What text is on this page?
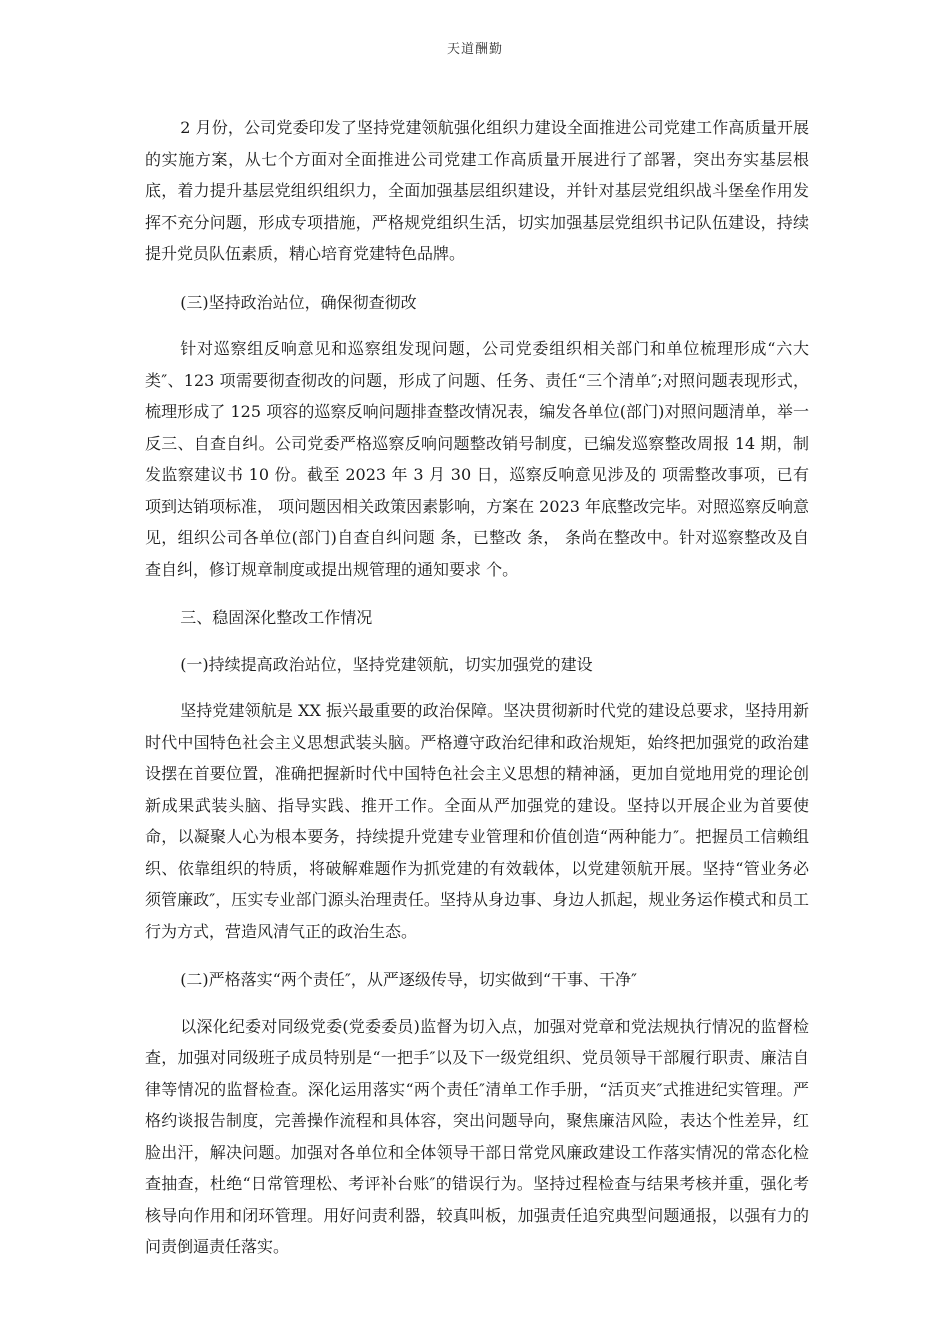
天道酬勤

2 月份，公司党委印发了坚持党建领航强化组织力建设全面推进公司党建工作高质量开展的实施方案，从七个方面对全面推进公司党建工作高质量开展进行了部署，突出夯实基层根底，着力提升基层党组织组织力，全面加强基层组织建设，并针对基层党组织战斗堡垒作用发挥不充分问题，形成专项措施，严格规党组织生活，切实加强基层党组织书记队伍建设，持续提升党员队伍素质，精心培育党建特色品牌。

(三)坚持政治站位，确保彻查彻改

针对巡察组反响意见和巡察组发现问题，公司党委组织相关部门和单位梳理形成“六大类″、123 项需要彻查彻改的问题，形成了问题、任务、责任“三个清单″;对照问题表现形式，梳理形成了 125 项容的巡察反响问题排查整改情况表，编发各单位(部门)对照问题清单，举一反三、自查自纠。公司党委严格巡察反响问题整改销号制度，已编发巡察整改周报 14 期，制发监察建议书 10 份。截至 2023 年 3 月 30 日，巡察反响意见涉及的 项需整改事项，已有 项到达销项标准， 项问题因相关政策因素影响，方案在 2023 年底整改完毕。对照巡察反响意见，组织公司各单位(部门)自查自纠问题 条，已整改 条， 条尚在整改中。针对巡察整改及自查自纠，修订规章制度或提出规管理的通知要求 个。

三、稳固深化整改工作情况

(一)持续提高政治站位，坚持党建领航，切实加强党的建设

坚持党建领航是 XX 振兴最重要的政治保障。坚决贯彻新时代党的建设总要求，坚持用新时代中国特色社会主义思想武装头脑。严格遵守政治纪律和政治规矩，始终把加强党的政治建设摆在首要位置，准确把握新时代中国特色社会主义思想的精神涵，更加自觉地用党的理论创新成果武装头脑、指导实践、推开工作。全面从严加强党的建设。坚持以开展企业为首要使命，以凝聚人心为根本要务，持续提升党建专业管理和价值创造“两种能力″。把握员工信赖组织、依靠组织的特质，将破解难题作为抓党建的有效载体，以党建领航开展。坚持“管业务必须管廉政″，压实专业部门源头治理责任。坚持从身边事、身边人抓起，规业务运作模式和员工行为方式，营造风清气正的政治生态。

(二)严格落实“两个责任″，从严逐级传导，切实做到“干事、干净″

以深化纪委对同级党委(党委委员)监督为切入点，加强对党章和党法规执行情况的监督检查，加强对同级班子成员特别是“一把手″以及下一级党组织、党员领导干部履行职责、廉洁自律等情况的监督检查。深化运用落实“两个责任″清单工作手册，“活页夹″式推进纪实管理。严格约谈报告制度，完善操作流程和具体容，突出问题导向，聚焦廉洁风险，表达个性差异，红脸出汗，解决问题。加强对各单位和全体领导干部日常党风廉政建设工作落实情况的常态化检查抽查，杜绝“日常管理松、考评补台账″的错误行为。坚持过程检查与结果考核并重，强化考核导向作用和闭环管理。用好问责利器，较真叫板，加强责任追究典型问题通报，以强有力的问责倒逼责任落实。
